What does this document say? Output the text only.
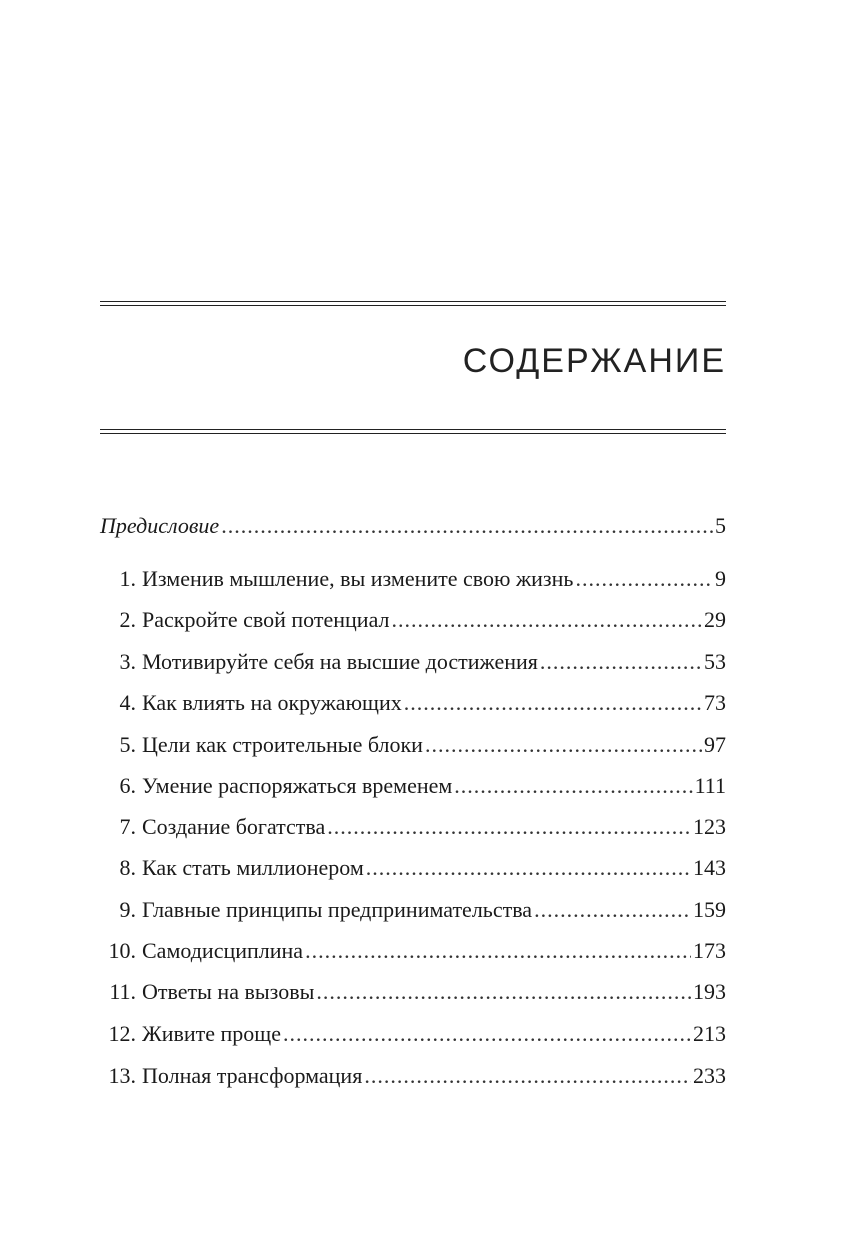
СОДЕРЖАНИЕ
Предисловие .....	5
1. Изменив мышление, вы измените свою жизнь .....	9
2. Раскройте свой потенциал .....	29
3. Мотивируйте себя на высшие достижения .....	53
4. Как влиять на окружающих .....	73
5. Цели как строительные блоки .....	97
6. Умение распоряжаться временем .....	111
7. Создание богатства .....	123
8. Как стать миллионером .....	143
9. Главные принципы предпринимательства .....	159
10. Самодисциплина .....	173
11. Ответы на вызовы .....	193
12. Живите проще .....	213
13. Полная трансформация .....	233
